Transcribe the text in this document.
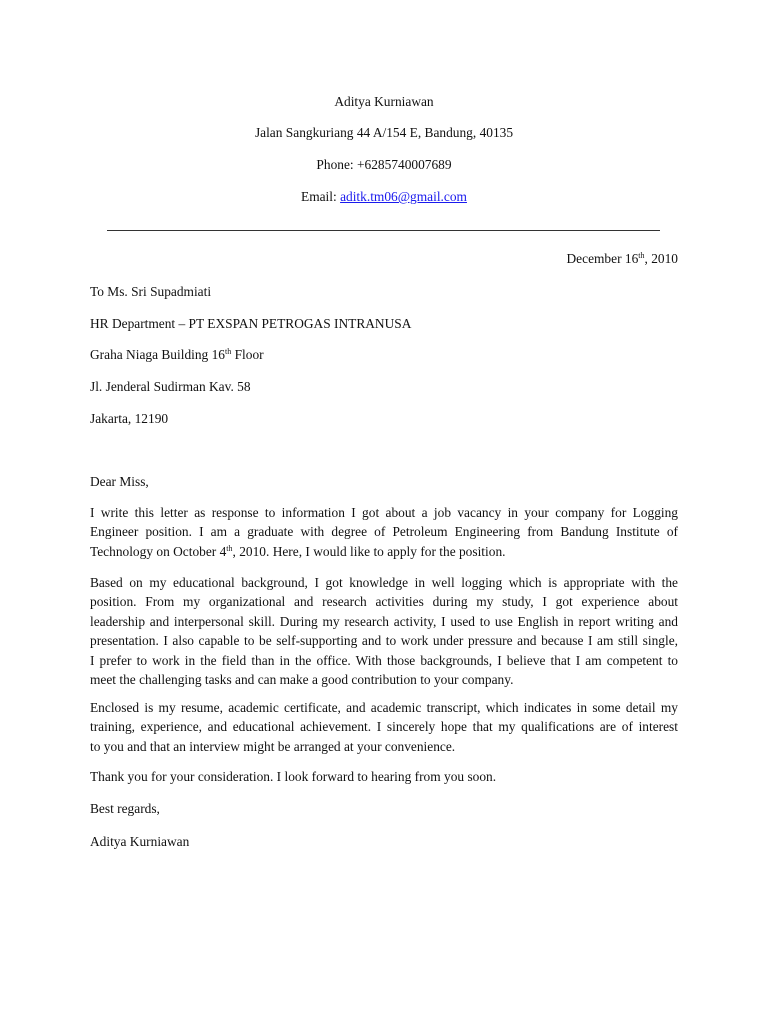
Aditya Kurniawan
Jalan Sangkuriang 44 A/154 E, Bandung, 40135
Phone: +6285740007689
Email: aditk.tm06@gmail.com
December 16th, 2010
To Ms. Sri Supadmiati
HR Department – PT EXSPAN PETROGAS INTRANUSA
Graha Niaga Building 16th Floor
Jl. Jenderal Sudirman Kav. 58
Jakarta, 12190
Dear Miss,
I write this letter as response to information I got about a job vacancy in your company for Logging
Engineer position. I am a graduate with degree of Petroleum Engineering from Bandung Institute of
Technology on October 4th, 2010. Here, I would like to apply for the position.
Based on my educational background, I got knowledge in well logging which is appropriate with the
position. From my organizational and research activities during my study, I got experience about
leadership and interpersonal skill. During my research activity, I used to use English in report writing and
presentation. I also capable to be self-supporting and to work under pressure and because I am still single,
I prefer to work in the field than in the office. With those backgrounds, I believe that I am competent to
meet the challenging tasks and can make a good contribution to your company.
Enclosed is my resume, academic certificate, and academic transcript, which indicates in some detail my
training, experience, and educational achievement. I sincerely hope that my qualifications are of interest
to you and that an interview might be arranged at your convenience.
Thank you for your consideration. I look forward to hearing from you soon.
Best regards,
Aditya Kurniawan
